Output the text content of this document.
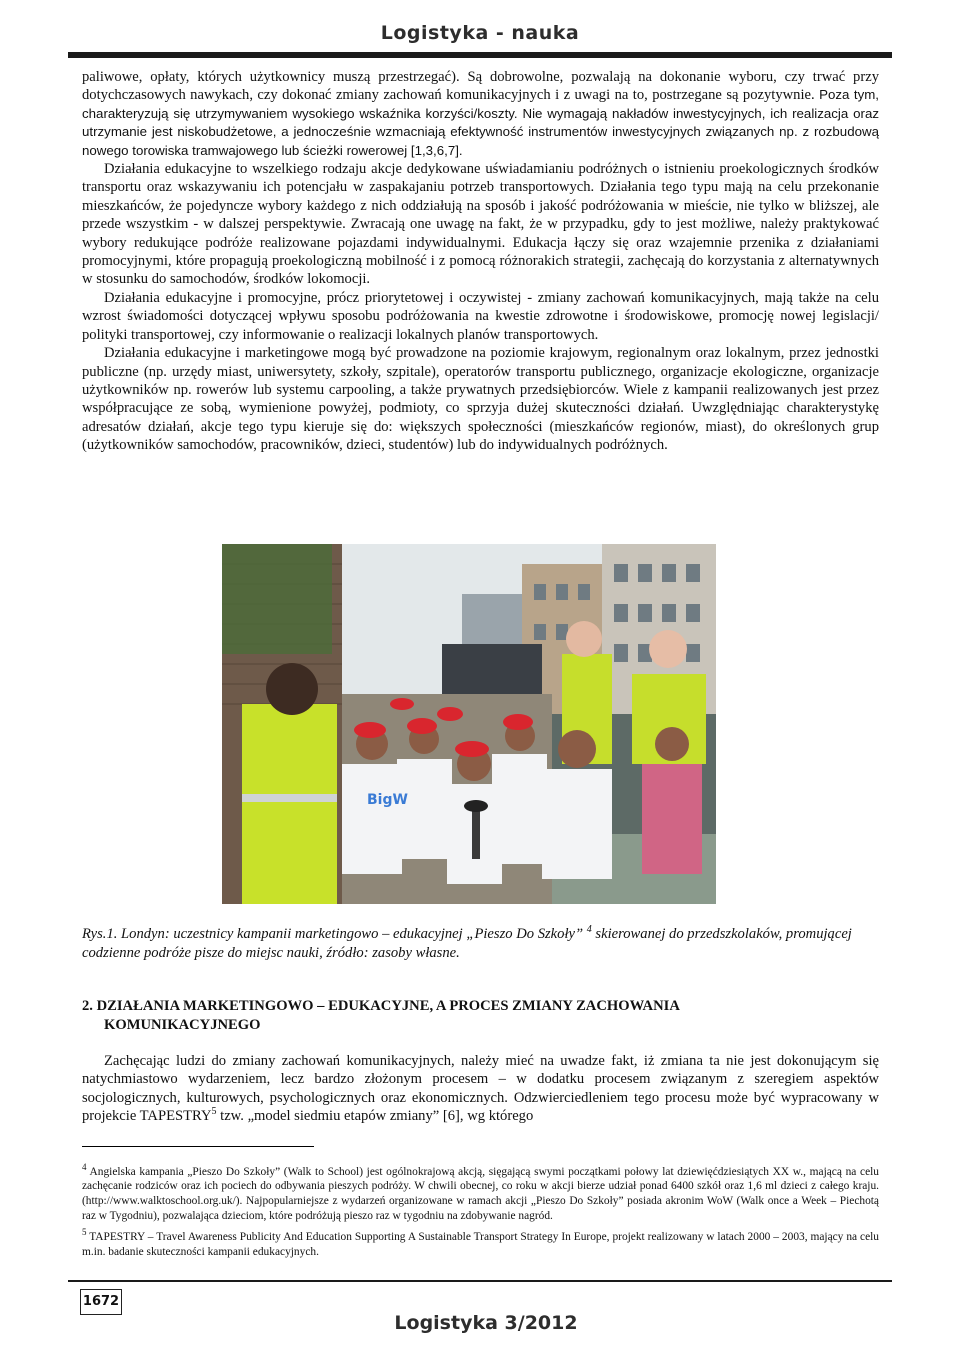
Logistyka - nauka

paliwowe, opłaty, których użytkownicy muszą przestrzegać). Są dobrowolne, pozwalają na dokonanie wyboru, czy trwać przy dotychczasowych nawykach, czy dokonać zmiany zachowań komunikacyjnych i z uwagi na to, postrzegane są pozytywnie. Poza tym, charakteryzują się utrzymywaniem wysokiego wskaźnika korzyści/koszty. Nie wymagają nakładów inwestycyjnych, ich realizacja oraz utrzymanie jest niskobudżetowe, a jednocześnie wzmacniają efektywność instrumentów inwestycyjnych związanych np. z rozbudową nowego torowiska tramwajowego lub ścieżki rowerowej [1,3,6,7].

Działania edukacyjne to wszelkiego rodzaju akcje dedykowane uświadamianiu podróżnych o istnieniu proekologicznych środków transportu oraz wskazywaniu ich potencjału w zaspakajaniu potrzeb transportowych. Działania tego typu mają na celu przekonanie mieszkańców, że pojedyncze wybory każdego z nich oddziałują na sposób i jakość podróżowania w mieście, nie tylko w bliższej, ale przede wszystkim - w dalszej perspektywie. Zwracają one uwagę na fakt, że w przypadku, gdy to jest możliwe, należy praktykować wybory redukujące podróże realizowane pojazdami indywidualnymi. Edukacja łączy się oraz wzajemnie przenika z działaniami promocyjnymi, które propagują proekologiczną mobilność i z pomocą różnorakich strategii, zachęcają do korzystania z alternatywnych w stosunku do samochodów, środków lokomocji.

Działania edukacyjne i promocyjne, prócz priorytetowej i oczywistej - zmiany zachowań komunikacyjnych, mają także na celu wzrost świadomości dotyczącej wpływu sposobu podróżowania na kwestie zdrowotne i środowiskowe, promocję nowej legislacji/ polityki transportowej, czy informowanie o realizacji lokalnych planów transportowych.

Działania edukacyjne i marketingowe mogą być prowadzone na poziomie krajowym, regionalnym oraz lokalnym, przez jednostki publiczne (np. urzędy miast, uniwersytety, szkoły, szpitale), operatorów transportu publicznego, organizacje ekologiczne, organizacje użytkowników np. rowerów lub systemu carpooling, a także prywatnych przedsiębiorców. Wiele z kampanii realizowanych jest przez współpracujące ze sobą, wymienione powyżej, podmioty, co sprzyja dużej skuteczności działań. Uwzględniając charakterystykę adresatów działań, akcje tego typu kieruje się do: większych społeczności (mieszkańców regionów, miast), do określonych grup (użytkowników samochodów, pracowników, dzieci, studentów) lub do indywidualnych podróżnych.

BigW
Rys.1. Londyn: uczestnicy kampanii marketingowo – edukacyjnej „Pieszo Do Szkoły” $^4$ skierowanej do przedszkolaków, promującej codzienne podróże pisze do miejsc nauki, źródło: zasoby własne.
2. DZIAŁANIA MARKETINGOWO – EDUKACYJNE, A PROCES ZMIANY ZACHOWANIA
KOMUNIKACYJNEGO

Zachęcając ludzi do zmiany zachowań komunikacyjnych, należy mieć na uwadze fakt, iż zmiana ta nie jest dokonującym się natychmiastowo wydarzeniem, lecz bardzo złożonym procesem – w dodatku procesem związanym z szeregiem aspektów socjologicznych, kulturowych, psychologicznych oraz ekonomicznych. Odzwierciedleniem tego procesu może być wypracowany w projekcie TAPESTRY$^5$ tzw. „model siedmiu etapów zmiany” [6], wg którego

$^4$ Angielska kampania „Pieszo Do Szkoły” (Walk to School) jest ogólnokrajową akcją, sięgającą swymi początkami połowy lat dziewięćdziesiątych XX w., mającą na celu zachęcanie rodziców oraz ich pociech do odbywania pieszych podróży. W chwili obecnej, co roku w akcji bierze udział ponad 6400 szkół oraz 1,6 ml dzieci z całego kraju. (http://www.walktoschool.org.uk/). Najpopularniejsze z wydarzeń organizowane w ramach akcji „Pieszo Do Szkoły” posiada akronim WoW (Walk once a Week – Piechotą raz w Tygodniu), pozwalająca dzieciom, które podróżują pieszo raz w tygodniu na zdobywanie nagród.

$^5$ TAPESTRY – Travel Awareness Publicity And Education Supporting A Sustainable Transport Strategy In Europe, projekt realizowany w latach 2000 – 2003, mający na celu m.in. badanie skuteczności kampanii edukacyjnych.

1672
Logistyka 3/2012
